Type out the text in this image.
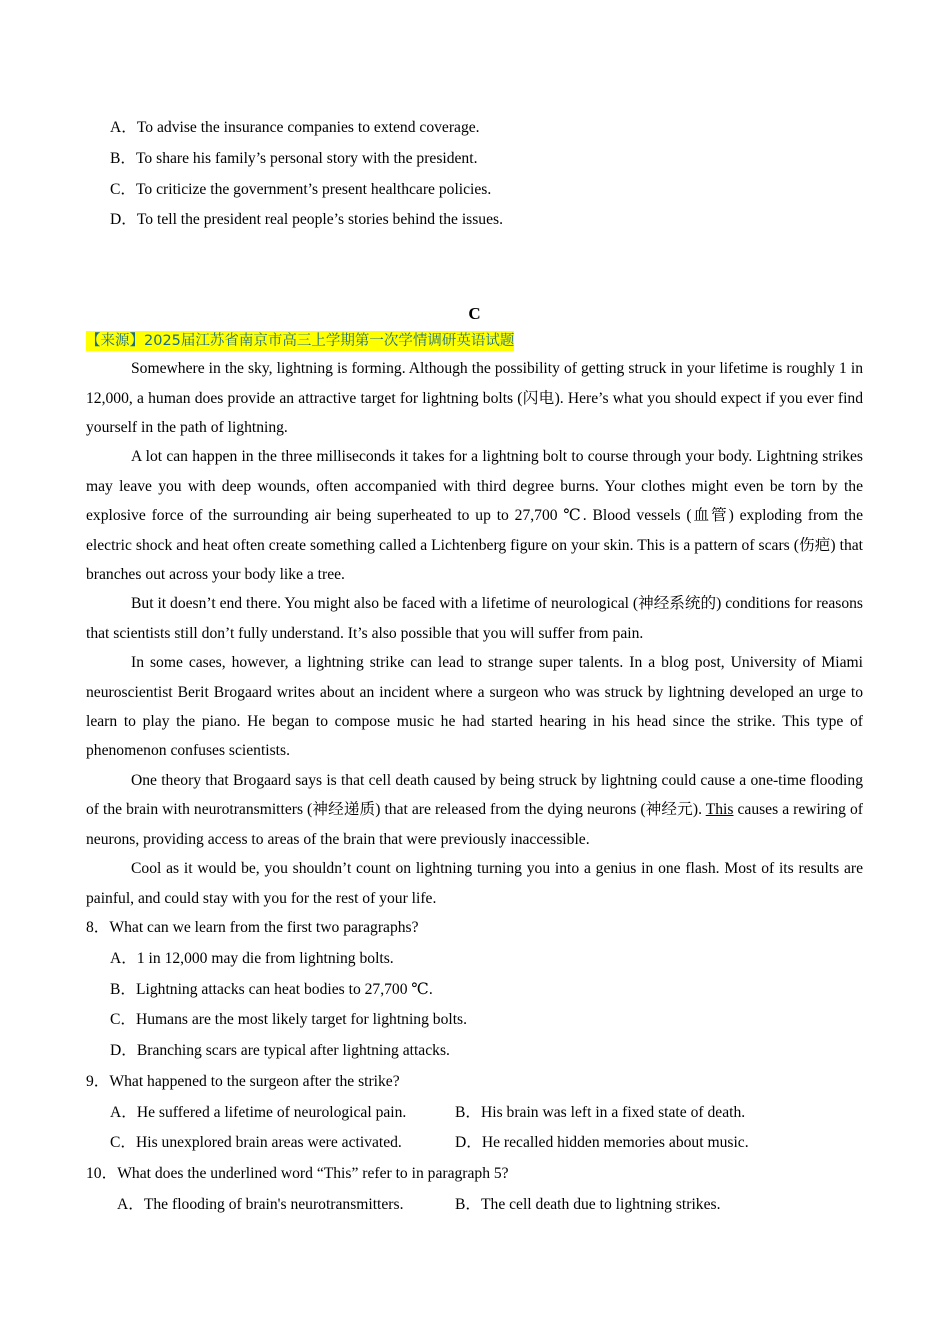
A．To advise the insurance companies to extend coverage.
B．To share his family’s personal story with the president.
C．To criticize the government’s present healthcare policies.
D．To tell the president real people’s stories behind the issues.
C
【来源】2025届江苏省南京市高三上学期第一次学情调研英语试题

Somewhere in the sky, lightning is forming. Although the possibility of getting struck in your lifetime is roughly 1 in 12,000, a human does provide an attractive target for lightning bolts (闪电). Here’s what you should expect if you ever find yourself in the path of lightning.

A lot can happen in the three milliseconds it takes for a lightning bolt to course through your body. Lightning strikes may leave you with deep wounds, often accompanied with third degree burns. Your clothes might even be torn by the explosive force of the surrounding air being superheated to up to 27,700 ℃. Blood vessels (血管) exploding from the electric shock and heat often create something called a Lichtenberg figure on your skin. This is a pattern of scars (伤疤) that branches out across your body like a tree.

But it doesn’t end there. You might also be faced with a lifetime of neurological (神经系统的) conditions for reasons that scientists still don’t fully understand. It’s also possible that you will suffer from pain.

In some cases, however, a lightning strike can lead to strange super talents. In a blog post, University of Miami neuroscientist Berit Brogaard writes about an incident where a surgeon who was struck by lightning developed an urge to learn to play the piano. He began to compose music he had started hearing in his head since the strike. This type of phenomenon confuses scientists.

One theory that Brogaard says is that cell death caused by being struck by lightning could cause a one-time flooding of the brain with neurotransmitters (神经递质) that are released from the dying neurons (神经元). This causes a rewiring of neurons, providing access to areas of the brain that were previously inaccessible.

Cool as it would be, you shouldn’t count on lightning turning you into a genius in one flash. Most of its results are painful, and could stay with you for the rest of your life.

8．What can we learn from the first two paragraphs?
A．1 in 12,000 may die from lightning bolts.
B．Lightning attacks can heat bodies to 27,700 ℃.
C．Humans are the most likely target for lightning bolts.
D．Branching scars are typical after lightning attacks.
9．What happened to the surgeon after the strike?
A．He suffered a lifetime of neurological pain.	B．His brain was left in a fixed state of death.
C．His unexplored brain areas were activated.	D．He recalled hidden memories about music.
10．What does the underlined word “This” refer to in paragraph 5?
A．The flooding of brain's neurotransmitters.	B．The cell death due to lightning strikes.
